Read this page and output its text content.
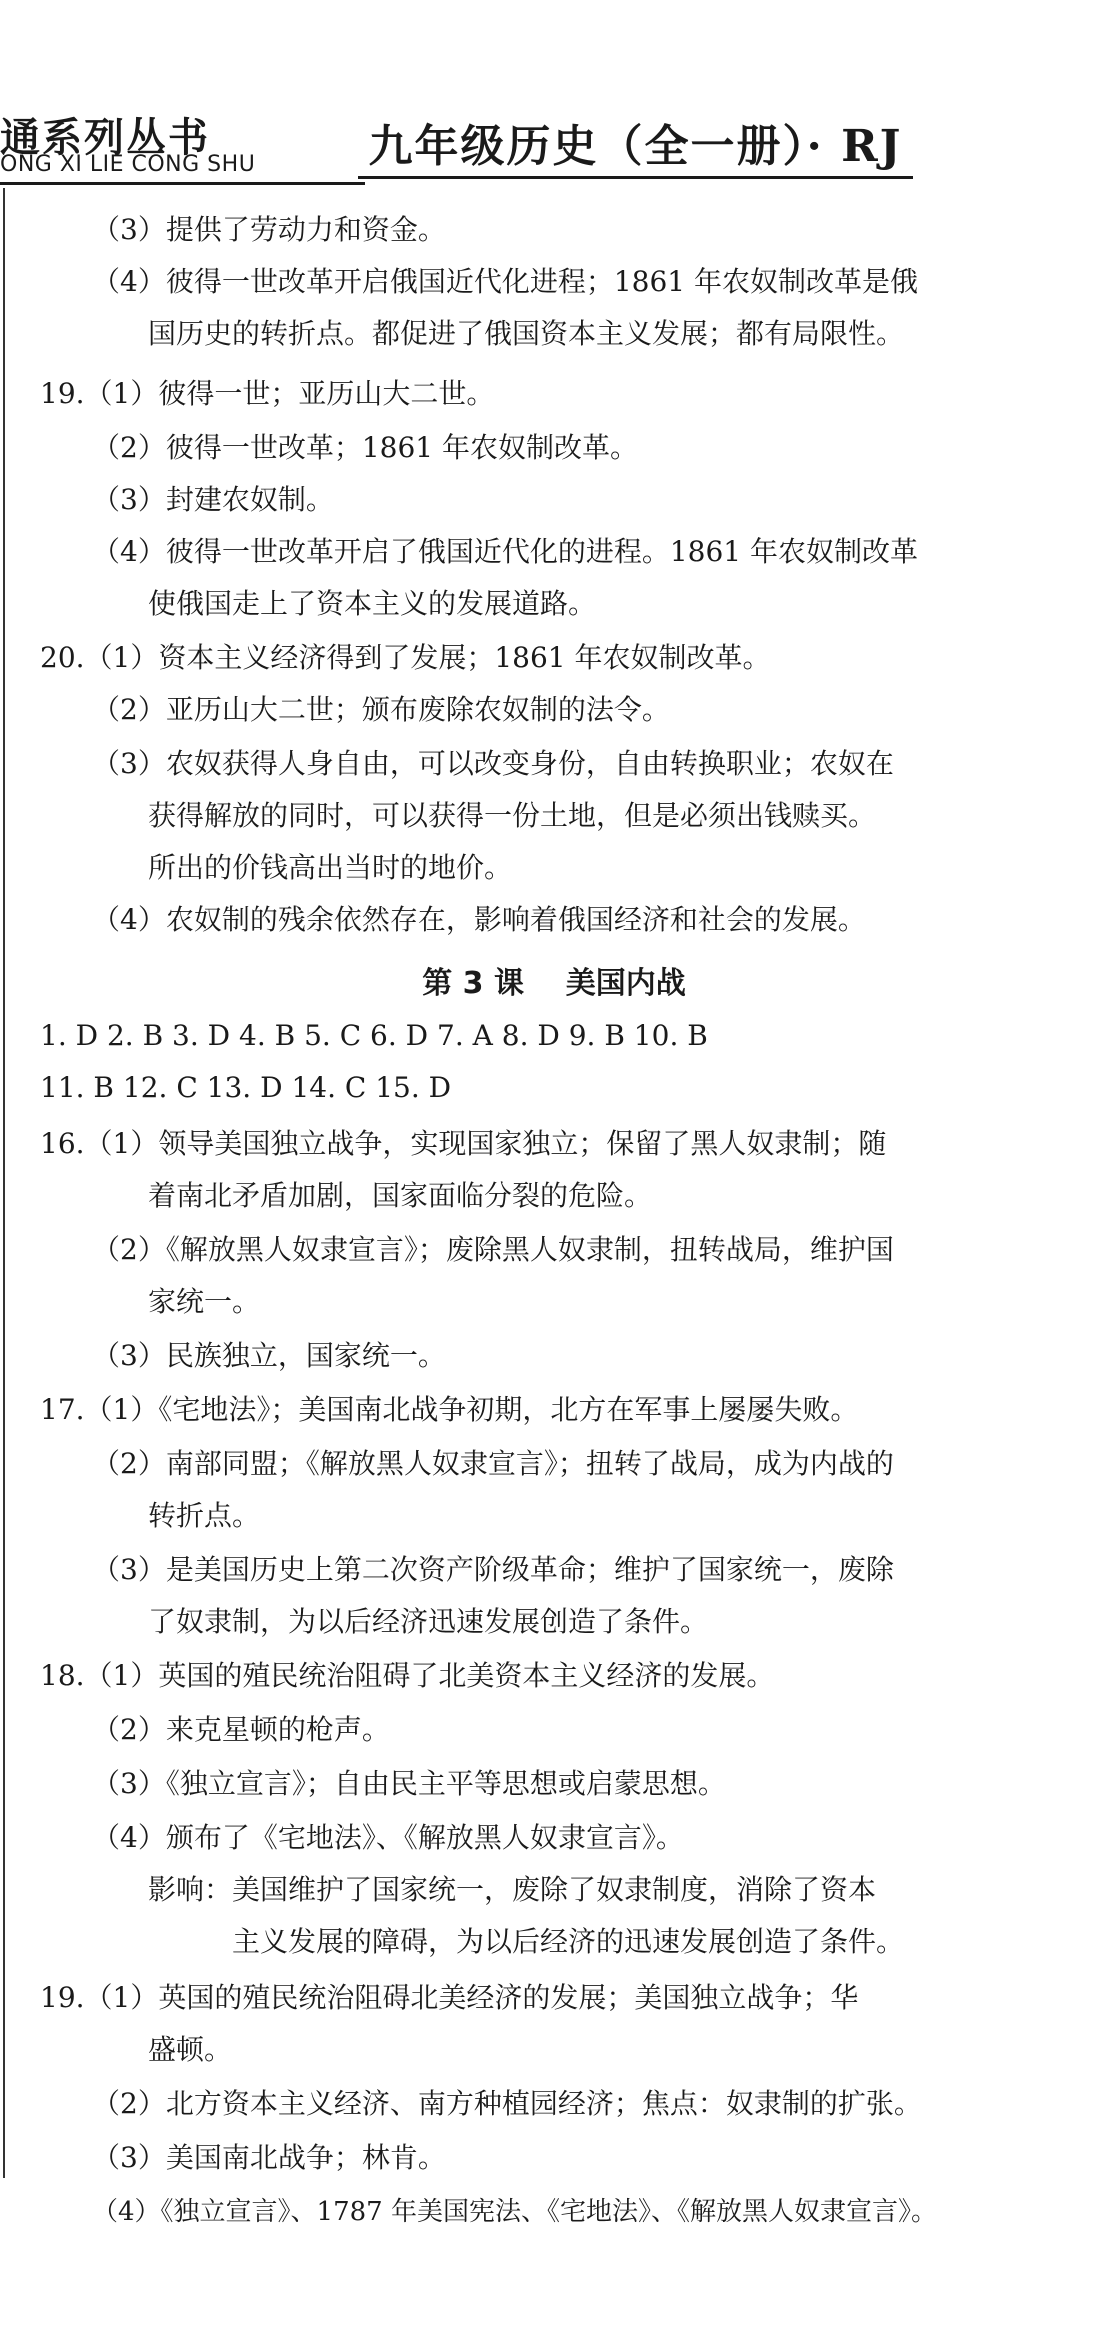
通系列丛书
ONG XI LIE CONG SHU	九年级历史（全一册）· RJ
（3）提供了劳动力和资金。
（4）彼得一世改革开启俄国近代化进程；1861 年农奴制改革是俄
国历史的转折点。都促进了俄国资本主义发展；都有局限性。
19.（1）彼得一世；亚历山大二世。
（2）彼得一世改革；1861 年农奴制改革。
（3）封建农奴制。
（4）彼得一世改革开启了俄国近代化的进程。1861 年农奴制改革
使俄国走上了资本主义的发展道路。
20.（1）资本主义经济得到了发展；1861 年农奴制改革。
（2）亚历山大二世；颁布废除农奴制的法令。
（3）农奴获得人身自由，可以改变身份，自由转换职业；农奴在
获得解放的同时，可以获得一份土地，但是必须出钱赎买。
所出的价钱高出当时的地价。
（4）农奴制的残余依然存在，影响着俄国经济和社会的发展。
第 3 课    美国内战
1. D 2. B 3. D 4. B 5. C 6. D 7. A 8. D 9. B 10. B
11. B 12. C 13. D 14. C 15. D
16.（1）领导美国独立战争，实现国家独立；保留了黑人奴隶制；随
着南北矛盾加剧，国家面临分裂的危险。
（2）《解放黑人奴隶宣言》；废除黑人奴隶制，扭转战局，维护国
家统一。
（3）民族独立，国家统一。
17.（1）《宅地法》；美国南北战争初期，北方在军事上屡屡失败。
（2）南部同盟；《解放黑人奴隶宣言》；扭转了战局，成为内战的
转折点。
（3）是美国历史上第二次资产阶级革命；维护了国家统一，废除
了奴隶制，为以后经济迅速发展创造了条件。
18.（1）英国的殖民统治阻碍了北美资本主义经济的发展。
（2）来克星顿的枪声。
（3）《独立宣言》；自由民主平等思想或启蒙思想。
（4）颁布了《宅地法》、《解放黑人奴隶宣言》。
影响：美国维护了国家统一，废除了奴隶制度，消除了资本
主义发展的障碍，为以后经济的迅速发展创造了条件。
19.（1）英国的殖民统治阻碍北美经济的发展；美国独立战争；华
盛顿。
（2）北方资本主义经济、南方种植园经济；焦点：奴隶制的扩张。
（3）美国南北战争；林肯。
（4）《独立宣言》、1787 年美国宪法、《宅地法》、《解放黑人奴隶宣言》。
